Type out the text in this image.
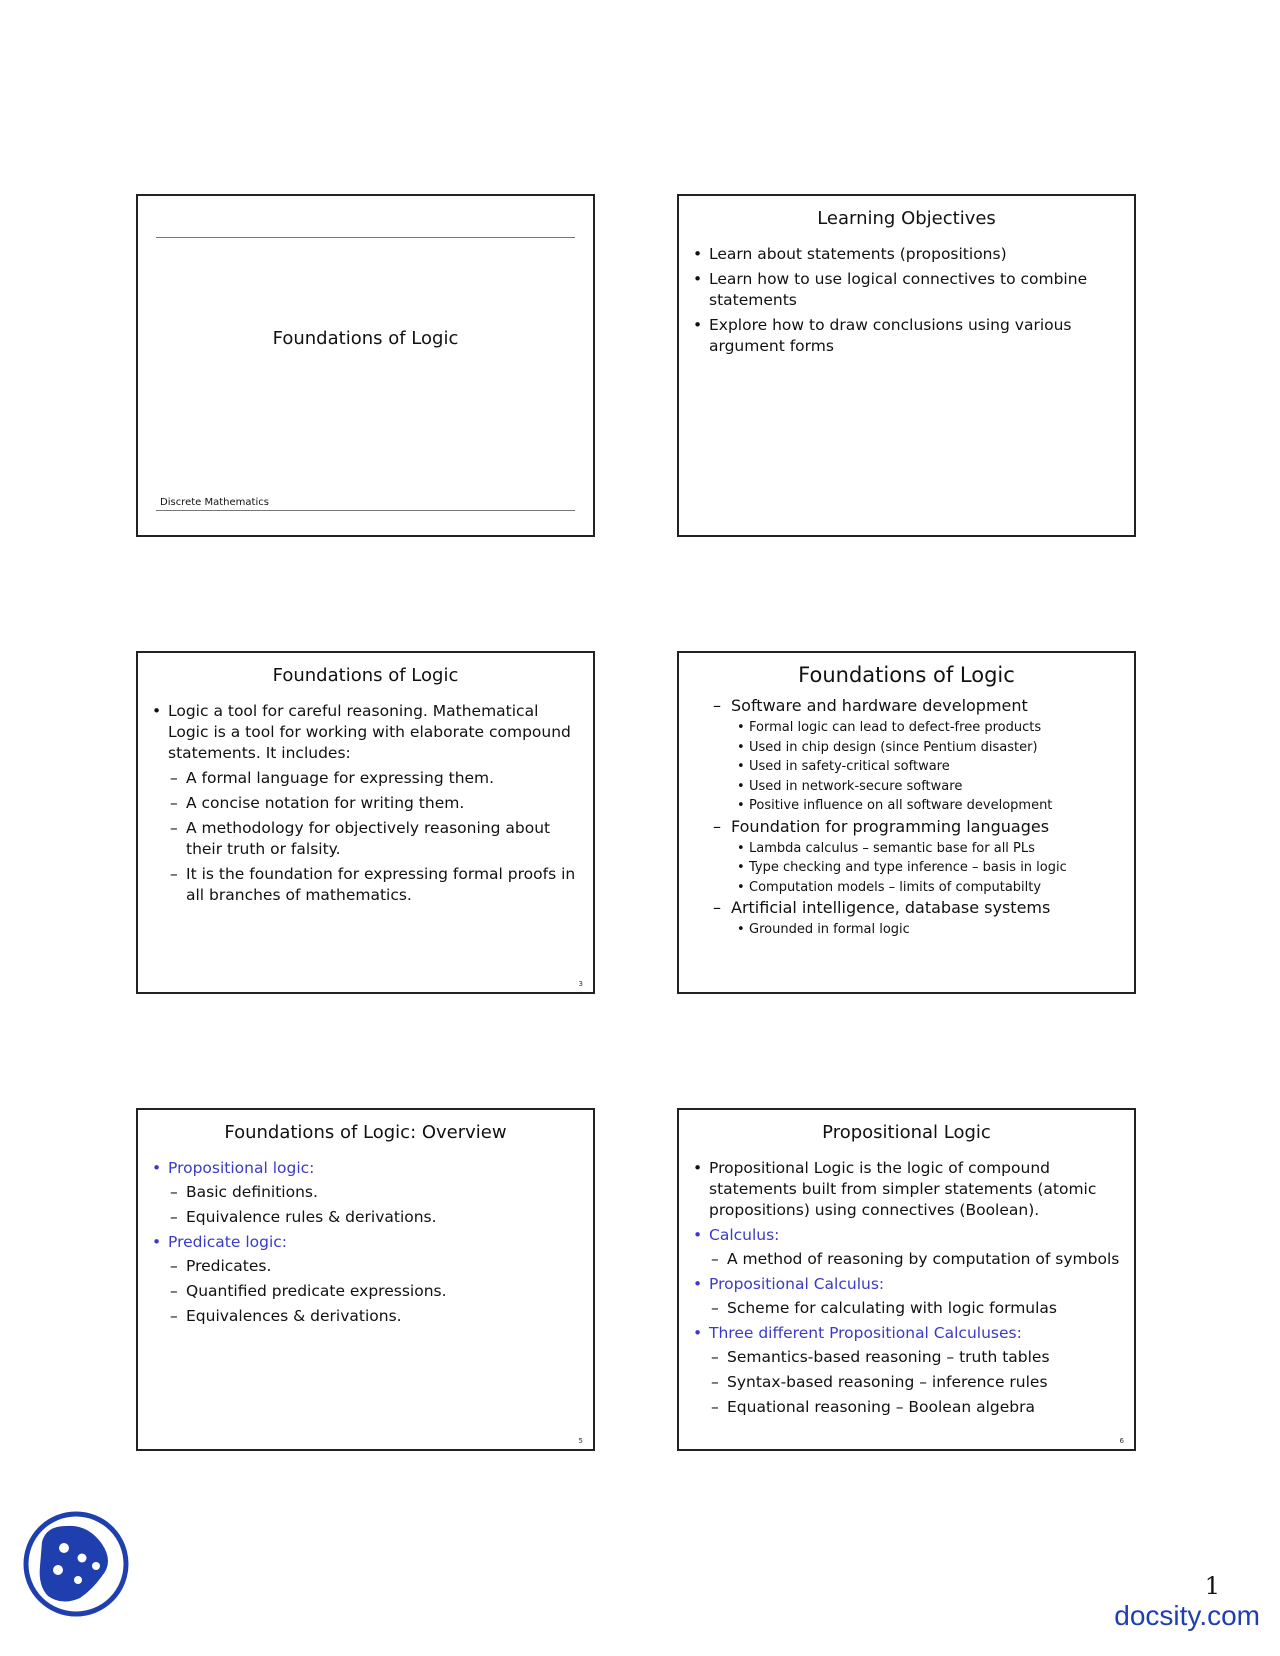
Foundations of Logic
Discrete Mathematics
Learning Objectives
• Learn about statements (propositions)
• Learn how to use logical connectives to combine statements
• Explore how to draw conclusions using various argument forms
Foundations of Logic
• Logic a tool for careful reasoning. Mathematical Logic is a tool for working with elaborate compound statements. It includes:
– A formal language for expressing them.
– A concise notation for writing them.
– A methodology for objectively reasoning about their truth or falsity.
– It is the foundation for expressing formal proofs in all branches of mathematics.
3
Foundations of Logic
– Software and hardware development
• Formal logic can lead to defect-free products
• Used in chip design (since Pentium disaster)
• Used in safety-critical software
• Used in network-secure software
• Positive influence on all software development
– Foundation for programming languages
• Lambda calculus – semantic base for all PLs
• Type checking and type inference – basis in logic
• Computation models – limits of computabilty
– Artificial intelligence, database systems
• Grounded in formal logic
Foundations of Logic: Overview
• Propositional logic:
– Basic definitions.
– Equivalence rules & derivations.
• Predicate logic:
– Predicates.
– Quantified predicate expressions.
– Equivalences & derivations.
5
Propositional Logic
• Propositional Logic is the logic of compound statements built from simpler statements (atomic propositions) using connectives (Boolean).
• Calculus:
– A method of reasoning by computation of symbols
• Propositional Calculus:
– Scheme for calculating with logic formulas
• Three different Propositional Calculuses:
– Semantics-based reasoning – truth tables
– Syntax-based reasoning – inference rules
– Equational reasoning – Boolean algebra
6
1
docsity.com
